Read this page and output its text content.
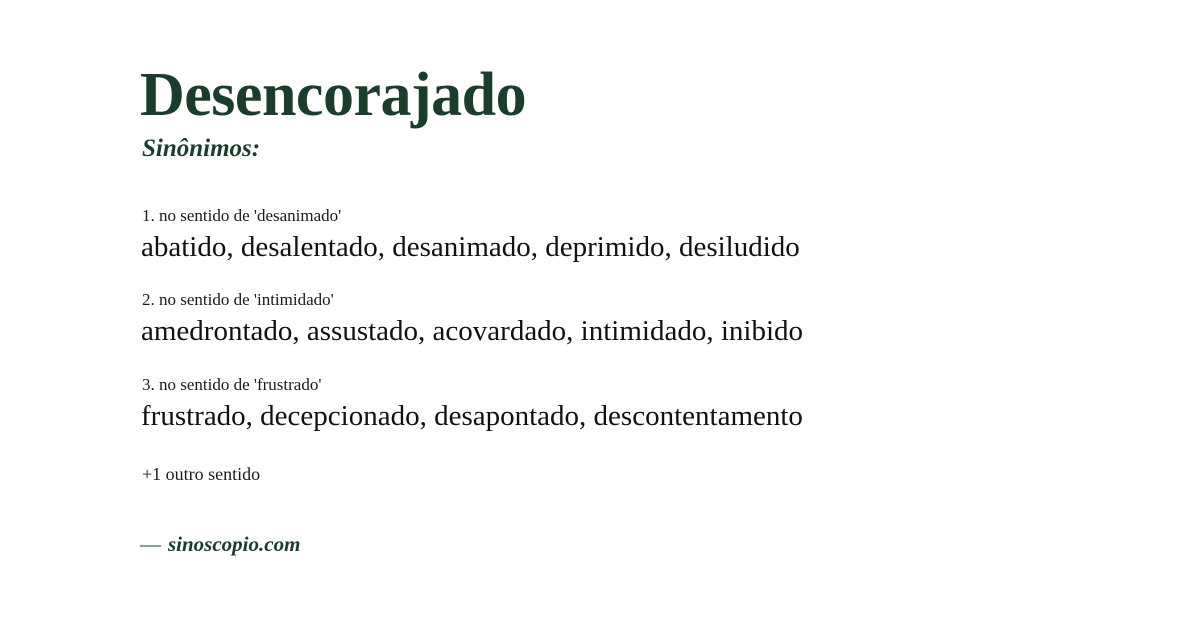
Desencorajado
Sinônimos:
1. no sentido de 'desanimado'
abatido, desalentado, desanimado, deprimido, desiludido
2. no sentido de 'intimidado'
amedrontado, assustado, acovardado, intimidado, inibido
3. no sentido de 'frustrado'
frustrado, decepcionado, desapontado, descontentamento
+1 outro sentido
— sinoscopio.com
